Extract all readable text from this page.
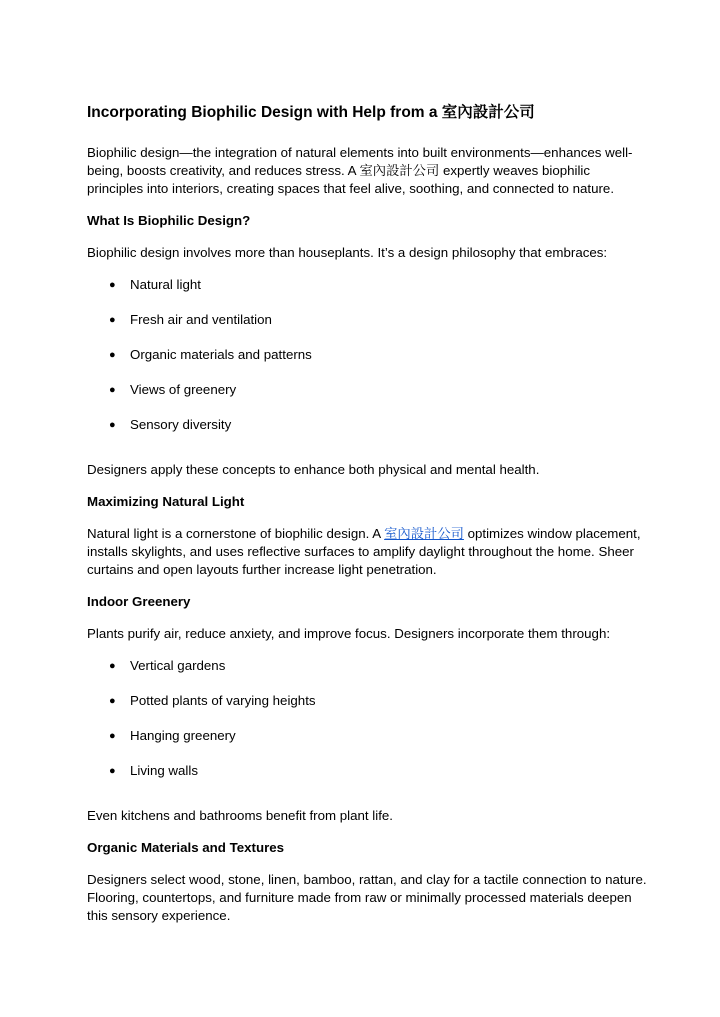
Incorporating Biophilic Design with Help from a 室內設計公司

Biophilic design—the integration of natural elements into built environments—enhances well-being, boosts creativity, and reduces stress. A 室內設計公司 expertly weaves biophilic principles into interiors, creating spaces that feel alive, soothing, and connected to nature.

What Is Biophilic Design?

Biophilic design involves more than houseplants. It’s a design philosophy that embraces:

● Natural light
● Fresh air and ventilation
● Organic materials and patterns
● Views of greenery
● Sensory diversity

Designers apply these concepts to enhance both physical and mental health.

Maximizing Natural Light

Natural light is a cornerstone of biophilic design. A 室內設計公司 optimizes window placement, installs skylights, and uses reflective surfaces to amplify daylight throughout the home. Sheer curtains and open layouts further increase light penetration.

Indoor Greenery

Plants purify air, reduce anxiety, and improve focus. Designers incorporate them through:

● Vertical gardens
● Potted plants of varying heights
● Hanging greenery
● Living walls

Even kitchens and bathrooms benefit from plant life.

Organic Materials and Textures

Designers select wood, stone, linen, bamboo, rattan, and clay for a tactile connection to nature. Flooring, countertops, and furniture made from raw or minimally processed materials deepen this sensory experience.
